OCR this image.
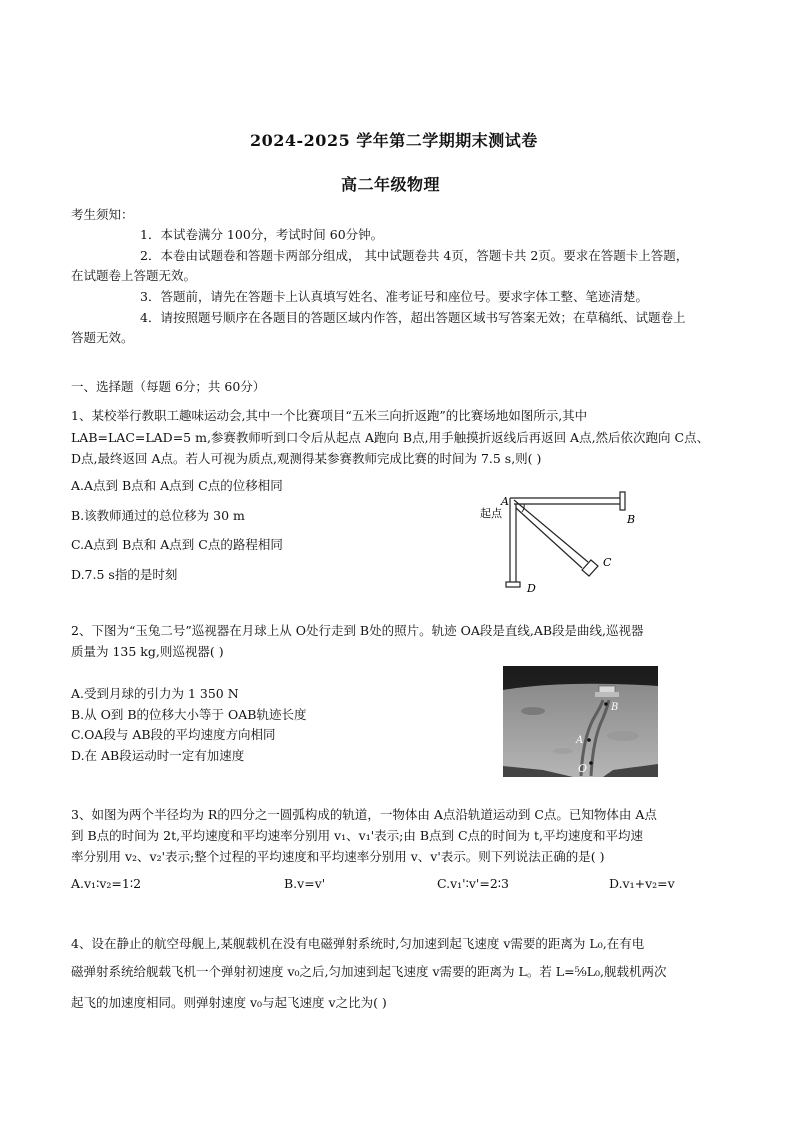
2024-2025 学年第二学期期末测试卷
高二年级物理
考生须知：
1．本试卷满分 100分，考试时间 60分钟。
2．本卷由试题卷和答题卡两部分组成， 其中试题卷共 4页，答题卡共 2页。要求在答题卡上答题，
在试题卷上答题无效。
3．答题前，请先在答题卡上认真填写姓名、准考证号和座位号。要求字体工整、笔迹清楚。
4．请按照题号顺序在各题目的答题区域内作答，超出答题区域书写答案无效；在草稿纸、试题卷上
答题无效。
一、选择题（每题 6分；共 60分）
1、某校举行教职工趣味运动会,其中一个比赛项目“五米三向折返跑”的比赛场地如图所示,其中
LAB=LAC=LAD=5 m,参赛教师听到口令后从起点 A跑向 B点,用手触摸折返线后再返回 A点,然后依次跑向 C点、
D点,最终返回 A点。若人可视为质点,观测得某参赛教师完成比赛的时间为 7.5 s,则( )
A.A点到 B点和 A点到 C点的位移相同
B.该教师通过的总位移为 30 m
C.A点到 B点和 A点到 C点的路程相同
D.7.5 s指的是时刻
A
起点	B
C
D
2、下图为“玉兔二号”巡视器在月球上从 O处行走到 B处的照片。轨迹 OA段是直线,AB段是曲线,巡视器
质量为 135 kg,则巡视器( )
A.受到月球的引力为 1 350 N
B.从 O到 B的位移大小等于 OAB轨迹长度
C.OA段与 AB段的平均速度方向相同
D.在 AB段运动时一定有加速度
A
O
B
3、如图为两个半径均为 R的四分之一圆弧构成的轨道，一物体由 A点沿轨道运动到 C点。已知物体由 A点
到 B点的时间为 2t,平均速度和平均速率分别用 v₁、v₁'表示;由 B点到 C点的时间为 t,平均速度和平均速
率分别用 v₂、v₂'表示;整个过程的平均速度和平均速率分别用 v、v'表示。则下列说法正确的是( )
A.v₁∶v₂=1∶2	B.v=v'	C.v₁'∶v'=2∶3	D.v₁+v₂=v
4、设在静止的航空母舰上,某舰载机在没有电磁弹射系统时,匀加速到起飞速度 v需要的距离为 L₀,在有电
磁弹射系统给舰载飞机一个弹射初速度 v₀之后,匀加速到起飞速度 v需要的距离为 L。若 L=⁵⁄₉L₀,舰载机两次
起飞的加速度相同。则弹射速度 v₀与起飞速度 v之比为( )
